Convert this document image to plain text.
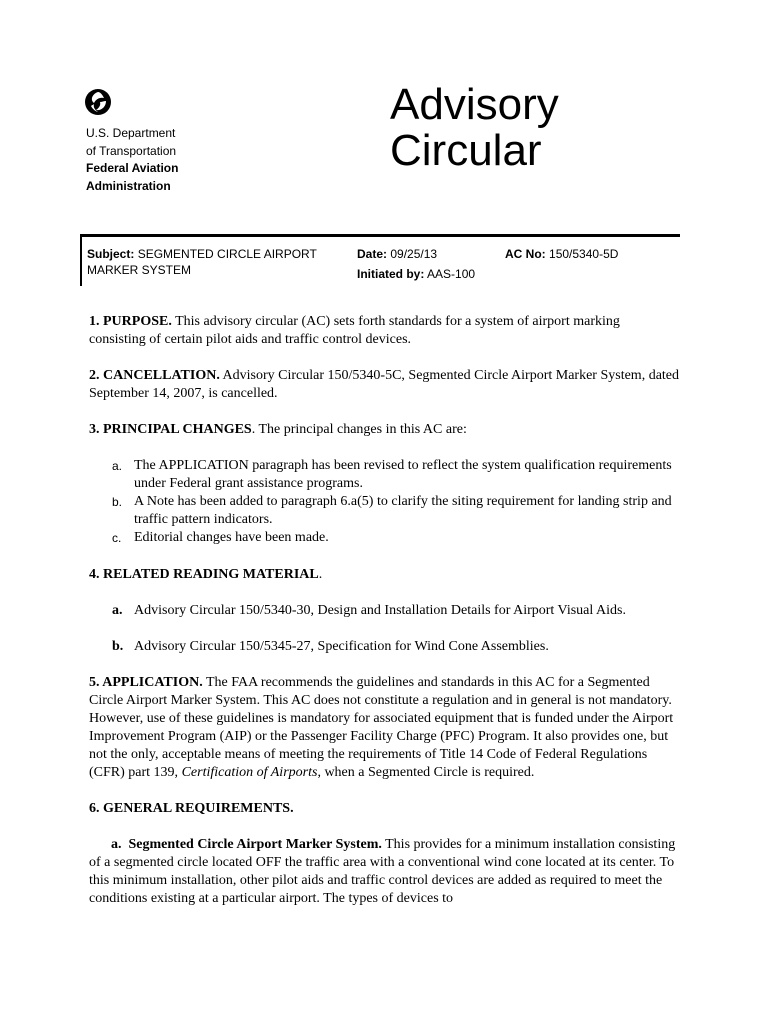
U.S. Department
of Transportation
Federal Aviation
Administration
Advisory
Circular
Subject: SEGMENTED CIRCLE AIRPORT MARKER SYSTEM
Date: 09/25/13
Initiated by: AAS-100
AC No: 150/5340-5D

1. PURPOSE. This advisory circular (AC) sets forth standards for a system of airport marking consisting of certain pilot aids and traffic control devices.

2. CANCELLATION. Advisory Circular 150/5340-5C, Segmented Circle Airport Marker System, dated September 14, 2007, is cancelled.

3. PRINCIPAL CHANGES. The principal changes in this AC are:

a. The APPLICATION paragraph has been revised to reflect the system qualification requirements under Federal grant assistance programs.
b. A Note has been added to paragraph 6.a(5) to clarify the siting requirement for landing strip and traffic pattern indicators.
c. Editorial changes have been made.

4. RELATED READING MATERIAL.

a. Advisory Circular 150/5340-30, Design and Installation Details for Airport Visual Aids.

b. Advisory Circular 150/5345-27, Specification for Wind Cone Assemblies.

5. APPLICATION. The FAA recommends the guidelines and standards in this AC for a Segmented Circle Airport Marker System. This AC does not constitute a regulation and in general is not mandatory. However, use of these guidelines is mandatory for associated equipment that is funded under the Airport Improvement Program (AIP) or the Passenger Facility Charge (PFC) Program. It also provides one, but not the only, acceptable means of meeting the requirements of Title 14 Code of Federal Regulations (CFR) part 139, Certification of Airports, when a Segmented Circle is required.

6. GENERAL REQUIREMENTS.

a. Segmented Circle Airport Marker System. This provides for a minimum installation consisting of a segmented circle located OFF the traffic area with a conventional wind cone located at its center. To this minimum installation, other pilot aids and traffic control devices are added as required to meet the conditions existing at a particular airport. The types of devices to
